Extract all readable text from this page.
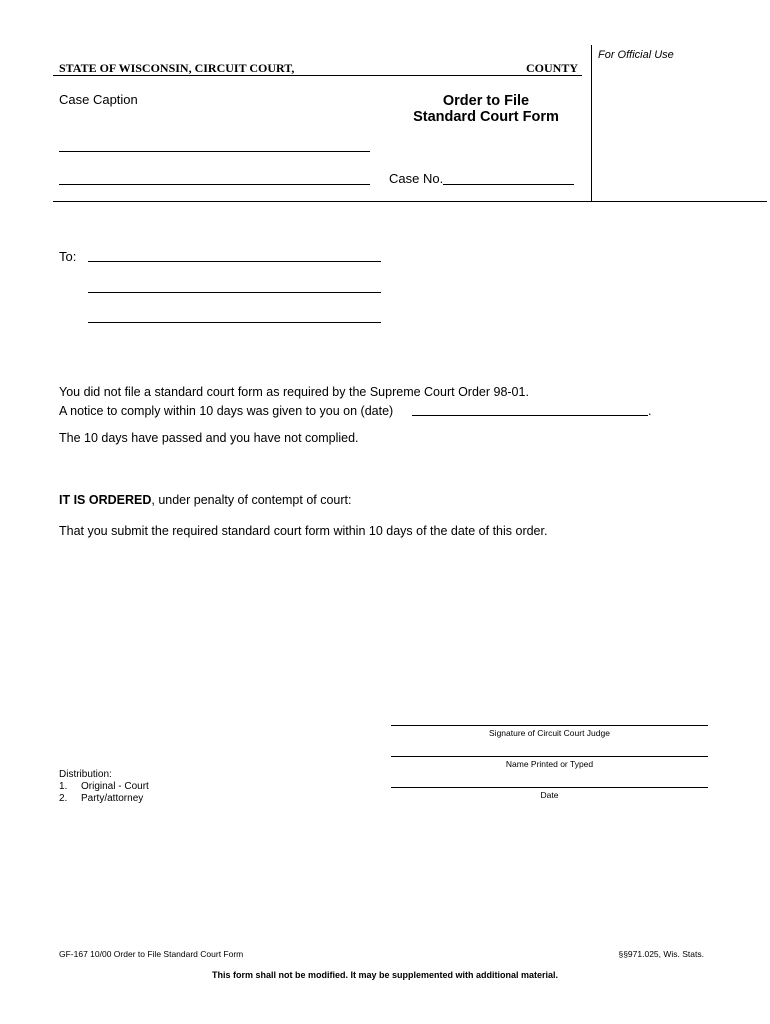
For Official Use
STATE OF WISCONSIN, CIRCUIT COURT,	COUNTY
Case Caption	Order to File
Standard Court Form
Case No.
To:
You did not file a standard court form as required by the Supreme Court Order 98-01.
A notice to comply within 10 days was given to you on (date)	.
The 10 days have passed and you have not complied.
IT IS ORDERED, under penalty of contempt of court:
That you submit the required standard court form within 10 days of the date of this order.
Signature of Circuit Court Judge
Name Printed or Typed
Date
Distribution:
1. Original - Court
2. Party/attorney
GF-167 10/00 Order to File Standard Court Form	§§971.025, Wis. Stats.
This form shall not be modified. It may be supplemented with additional material.
